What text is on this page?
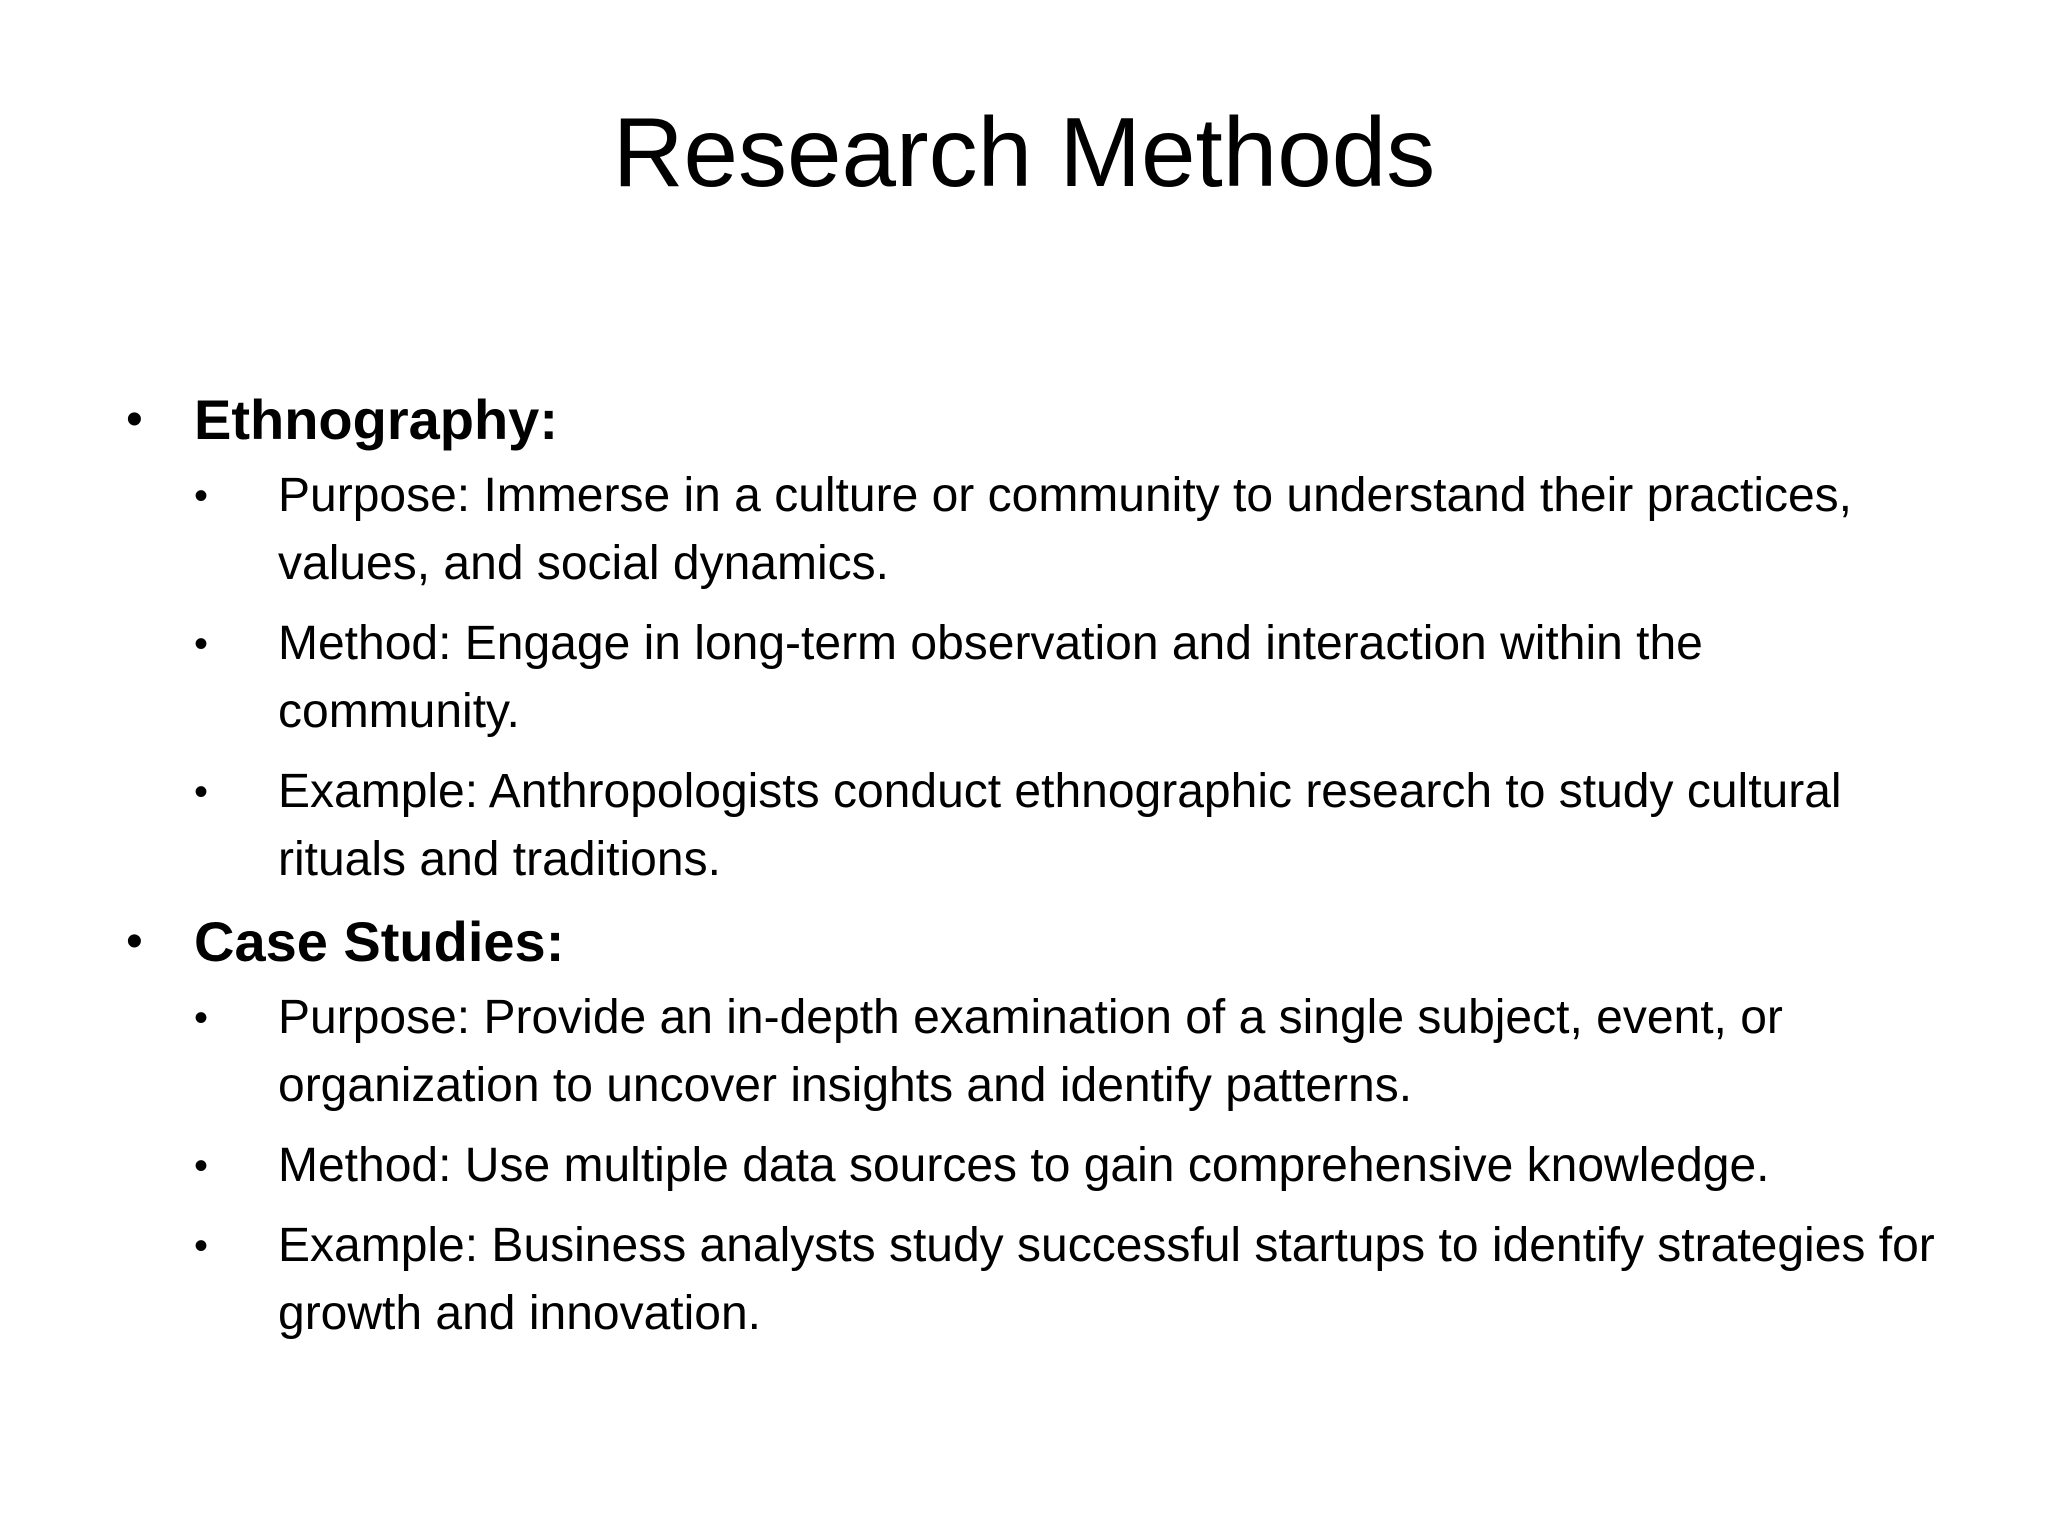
Research Methods
• Ethnography:
• Purpose: Immerse in a culture or community to understand their practices, values, and social dynamics.
• Method: Engage in long-term observation and interaction within the community.
• Example: Anthropologists conduct ethnographic research to study cultural rituals and traditions.
• Case Studies:
• Purpose: Provide an in-depth examination of a single subject, event, or organization to uncover insights and identify patterns.
• Method: Use multiple data sources to gain comprehensive knowledge.
• Example: Business analysts study successful startups to identify strategies for growth and innovation.
